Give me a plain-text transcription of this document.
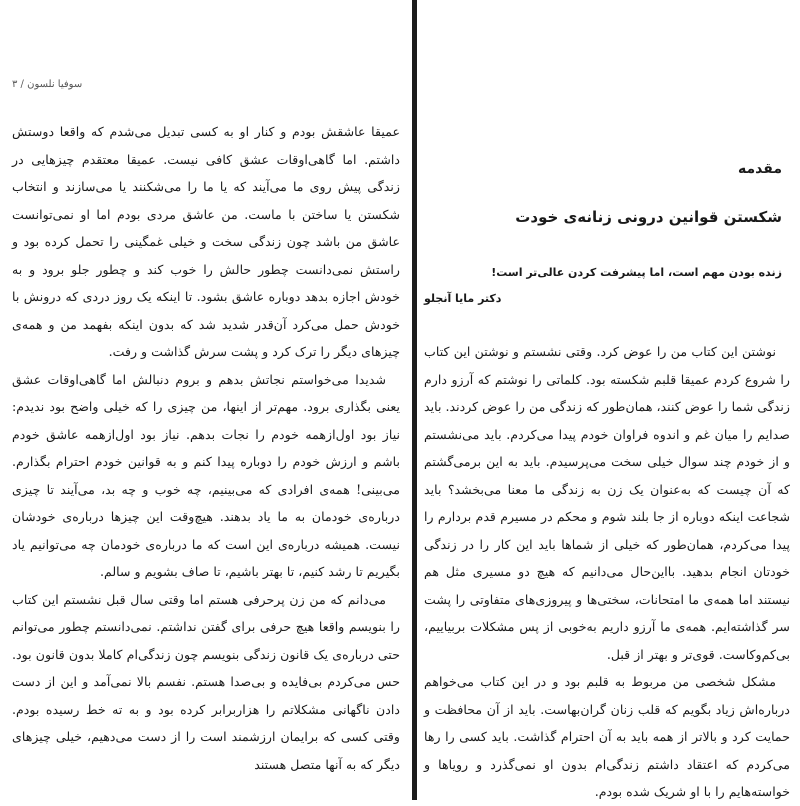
سوفیا نلسون / ۳

عمیقا عاشقش بودم و کنار او به کسی تبدیل می‌شدم که واقعا دوستش داشتم. اما گاهی‌اوقات عشق کافی نیست. عمیقا معتقدم چیزهایی در زندگی پیش روی ما می‌آیند که یا ما را می‌شکنند یا می‌سازند و انتخاب شکستن یا ساختن با ماست. من عاشق مردی بودم اما او نمی‌توانست عاشق من باشد چون زندگی سخت و خیلی غمگینی را تحمل کرده بود و راستش نمی‌دانست چطور حالش را خوب کند و چطور جلو برود و به خودش اجازه بدهد دوباره عاشق بشود. تا اینکه یک روز دردی که درونش با خودش حمل می‌کرد آن‌قدر شدید شد که بدون اینکه بفهمد من و همه‌ی چیزهای دیگر را ترک کرد و پشت سرش گذاشت و رفت.

شدیدا می‌خواستم نجاتش بدهم و بروم دنبالش اما گاهی‌اوقات عشق یعنی بگذاری برود. مهم‌تر از اینها، من چیزی را که خیلی واضح بود ندیدم: نیاز بود اول‌ازهمه خودم را نجات بدهم. نیاز بود اول‌ازهمه عاشق خودم باشم و ارزش خودم را دوباره پیدا کنم و به قوانین خودم احترام بگذارم. می‌بینی! همه‌ی افرادی که می‌بینیم، چه خوب و چه بد، می‌آیند تا چیزی درباره‌ی خودمان به ما یاد بدهند. هیچ‌وقت این چیزها درباره‌ی خودشان نیست. همیشه درباره‌ی این است که ما درباره‌ی خودمان چه می‌توانیم یاد بگیریم تا رشد کنیم، تا بهتر باشیم، تا صاف بشویم و سالم.

می‌دانم که من زن پرحرفی هستم اما وقتی سال قبل نشستم این کتاب را بنویسم واقعا هیچ حرفی برای گفتن نداشتم. نمی‌دانستم چطور می‌توانم حتی درباره‌ی یک قانون زندگی بنویسم چون زندگی‌ام کاملا بدون قانون بود. حس می‌کردم بی‌فایده و بی‌صدا هستم. نفسم بالا نمی‌آمد و این از دست دادن ناگهانی مشکلاتم را هزاربرابر کرده بود و به ته خط رسیده بودم. وقتی کسی که برایمان ارزشمند است را از دست می‌دهیم، خیلی چیزهای دیگر که به آنها متصل هستند

مقدمه
شکستن قوانین درونی زنانه‌ی خودت
زنده بودن مهم است، اما پیشرفت کردن عالی‌تر است!
دکتر مایا آنجلو

نوشتن این کتاب من را عوض کرد. وقتی نشستم و نوشتن این کتاب را شروع کردم عمیقا قلبم شکسته بود. کلماتی را نوشتم که آرزو دارم زندگی شما را عوض کنند، همان‌طور که زندگی من را عوض کردند. باید صدایم را میان غم و اندوه فراوان خودم پیدا می‌کردم. باید می‌نشستم و از خودم چند سوال خیلی سخت می‌پرسیدم. باید به این برمی‌گشتم که آن چیست که به‌عنوان یک زن به زندگی ما معنا می‌بخشد؟ باید شجاعت اینکه دوباره از جا بلند شوم و محکم در مسیرم قدم بردارم را پیدا می‌کردم، همان‌طور که خیلی از شماها باید این کار را در زندگی خودتان انجام بدهید. بااین‌حال می‌دانیم که هیچ دو مسیری مثل هم نیستند اما همه‌ی ما امتحانات، سختی‌ها و پیروزی‌های متفاوتی را پشت سر گذاشته‌ایم. همه‌ی ما آرزو داریم به‌خوبی از پس مشکلات بربیاییم، بی‌کم‌وکاست. قوی‌تر و بهتر از قبل.

مشکل شخصی من مربوط به قلبم بود و در این کتاب می‌خواهم درباره‌اش زیاد بگویم که قلب زنان گران‌بهاست. باید از آن محافظت و حمایت کرد و بالاتر از همه باید به آن احترام گذاشت. باید کسی را رها می‌کردم که اعتقاد داشتم زندگی‌ام بدون او نمی‌گذرد و رویاها و خواسته‌هایم را با او شریک شده بودم.
